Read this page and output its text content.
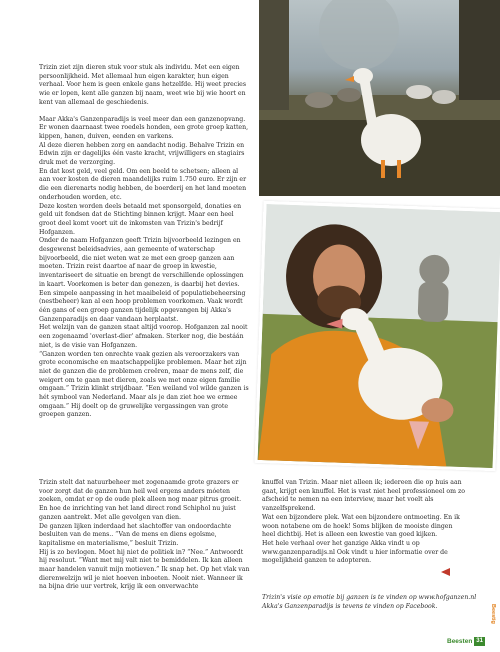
Trizin ziet zijn dieren stuk voor stuk als individu. Met een eigen persoonlijkheid. Met allemaal hun eigen karakter, hun eigen verhaal. Voor hem is geen enkele gans hetzelfde. Hij weet precies wie er lopen, kent alle ganzen bij naam, weet wie bij wie hoort en kent van allemaal de geschiedenis.

Maar Akka's Ganzenparadijs is veel meer dan een ganzenopvang. Er wonen daarnaast twee roedels honden, een grote groep katten, kippen, hanen, duiven, eenden en varkens.

Al deze dieren hebben zorg en aandacht nodig. Behalve Trizin en Edwin zijn er dagelijks één vaste kracht, vrijwilligers en stagiairs druk met de verzorging.

En dat kost geld, veel geld. Om een beeld te schetsen; alleen al aan voer kosten de dieren maandelijks ruim 1.750 euro. Er zijn er die een dierenarts nodig hebben, de boerderij en het land moeten onderhouden worden, etc.

Deze kosten worden deels betaald met sponsorgeld, donaties en geld uit fondsen dat de Stichting binnen krijgt. Maar een heel groot deel komt voort uit de inkomsten van Trizin's bedrijf Hofganzen.

Onder de naam Hofganzen geeft Trizin bijvoorbeeld lezingen en desgewenst beleidsadvies, aan gemeente of waterschap bijvoorbeeld, die niet weten wat ze met een groep ganzen aan moeten. Trizin reist daartoe af naar de groep in kwestie, inventariseert de situatie en brengt de verschillende oplossingen in kaart. Voorkomen is beter dan genezen, is daarbij het devies. Een simpele aanpassing in het maaibeleid of populatiebeheersing (nestbeheer) kan al een hoop problemen voorkomen. Vaak wordt één gans of een groep ganzen tijdelijk opgevangen bij Akka's Ganzenparadijs en daar vandaan herplaatst.

Het welzijn van de ganzen staat altijd voorop. Hofganzen zal nooit een zogenaamd 'overlast-dier' afmaken. Sterker nog, die bestáán niet, is de visie van Hofganzen.

“Ganzen worden ten onrechte vaak gezien als veroorzakers van grote economische en maatschappelijke problemen. Maar het zijn niet de ganzen die de problemen creëren, maar de mens zelf, die weigert om te gaan met dieren, zoals we met onze eigen familie omgaan.” Trizin klinkt strijdbaar. “Een weiland vol wilde ganzen is hét symbool van Nederland. Maar als je dan ziet hoe we ermee omgaan.” Hij doelt op de gruwelijke vergassingen van grote groepen ganzen.

Trizin stelt dat natuurbeheer met zogenaamde grote grazers er voor zorgt dat de ganzen hun heil wel ergens anders móeten zoeken, omdat er op de oude plek alleen nog maar pitrus groeit. En hoe de inrichting van het land direct rond Schiphol nu juist ganzen aantrekt. Met alle gevolgen van dien.

De ganzen lijken inderdaad het slachtoffer van ondoordachte besluiten van de mens.. “Van de mens en diens egoïsme, kapitalisme en materialisme,” besluit Trizin.

Hij is zo bevlogen. Moet hij niet de politiek in? “Nee.” Antwoordt hij resoluut. “Want met mij valt niet te bemiddelen. Ik kan alleen maar handelen vanuit mijn motieven.” Ik snap het. Op het vlak van dierenwelzijn wil je niet hoeven inboeten. Nooit niet. Wanneer ik na bijna drie uur vertrek, krijg ik een onverwachte

knuffel van Trizin. Maar niet alleen ik; iedereen die op huis aan gaat, krijgt een knuffel. Het is vast niet heel professioneel om zo afscheid te nemen na een interview, maar het voelt als vanzelfsprekend.

Wat een bijzondere plek. Wat een bijzondere ontmoeting. En ik woon notabene om de hoek! Soms blijken de mooiste dingen heel dichtbij. Het is alleen een kwestie van goed kijken.

Het hele verhaal over het ganzige Akka vindt u op www.ganzenparadijs.nl Ook vindt u hier informatie over de mogelijkheid ganzen te adopteren.

Trizin's visie op emotie bij ganzen is te vinden op www.hofganzen.nl Akka's Ganzenparadijs is tevens te vinden op Facebook.	Beestig
Beesten 31
